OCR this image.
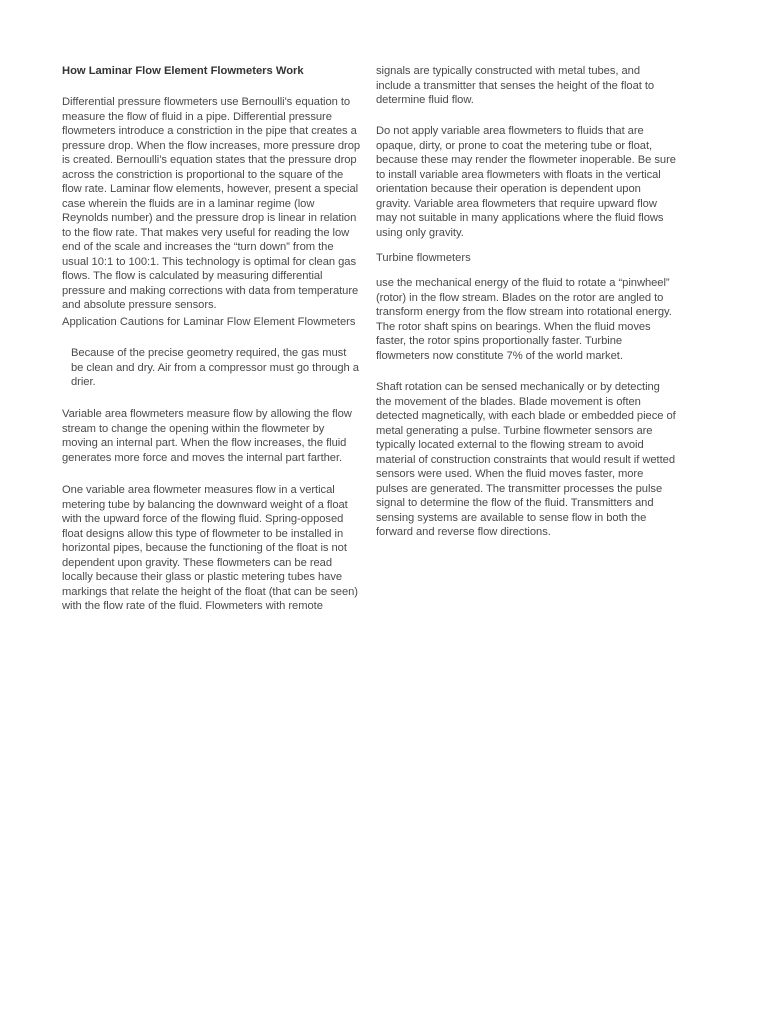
How Laminar Flow Element Flowmeters Work

Differential pressure flowmeters use Bernoulli's equation to measure the flow of fluid in a pipe. Differential pressure flowmeters introduce a constriction in the pipe that creates a pressure drop. When the flow increases, more pressure drop is created. Bernoulli’s equation states that the pressure drop across the constriction is proportional to the square of the flow rate. Laminar flow elements, however, present a special case wherein the fluids are in a laminar regime (low Reynolds number) and the pressure drop is linear in relation to the flow rate. That makes very useful for reading the low end of the scale and increases the “turn down” from the usual 10:1 to 100:1. This technology is optimal for clean gas flows. The flow is calculated by measuring differential pressure and making corrections with data from temperature and absolute pressure sensors.

Application Cautions for Laminar Flow Element Flowmeters

Because of the precise geometry required, the gas must be clean and dry. Air from a compressor must go through a drier.

Variable area flowmeters measure flow by allowing the flow stream to change the opening within the flowmeter by moving an internal part. When the flow increases, the fluid generates more force and moves the internal part farther.

One variable area flowmeter measures flow in a vertical metering tube by balancing the downward weight of a float with the upward force of the flowing fluid. Spring-opposed float designs allow this type of flowmeter to be installed in horizontal pipes, because the functioning of the float is not dependent upon gravity. These flowmeters can be read locally because their glass or plastic metering tubes have markings that relate the height of the float (that can be seen) with the flow rate of the fluid. Flowmeters with remote

signals are typically constructed with metal tubes, and include a transmitter that senses the height of the float to determine fluid flow.

Do not apply variable area flowmeters to fluids that are opaque, dirty, or prone to coat the metering tube or float, because these may render the flowmeter inoperable. Be sure to install variable area flowmeters with floats in the vertical orientation because their operation is dependent upon gravity. Variable area flowmeters that require upward flow may not suitable in many applications where the fluid flows using only gravity.

Turbine flowmeters

use the mechanical energy of the fluid to rotate a “pinwheel” (rotor) in the flow stream. Blades on the rotor are angled to transform energy from the flow stream into rotational energy. The rotor shaft spins on bearings. When the fluid moves faster, the rotor spins proportionally faster. Turbine flowmeters now constitute 7% of the world market.

Shaft rotation can be sensed mechanically or by detecting the movement of the blades. Blade movement is often detected magnetically, with each blade or embedded piece of metal generating a pulse. Turbine flowmeter sensors are typically located external to the flowing stream to avoid material of construction constraints that would result if wetted sensors were used. When the fluid moves faster, more pulses are generated. The transmitter processes the pulse signal to determine the flow of the fluid. Transmitters and sensing systems are available to sense flow in both the forward and reverse flow directions.
